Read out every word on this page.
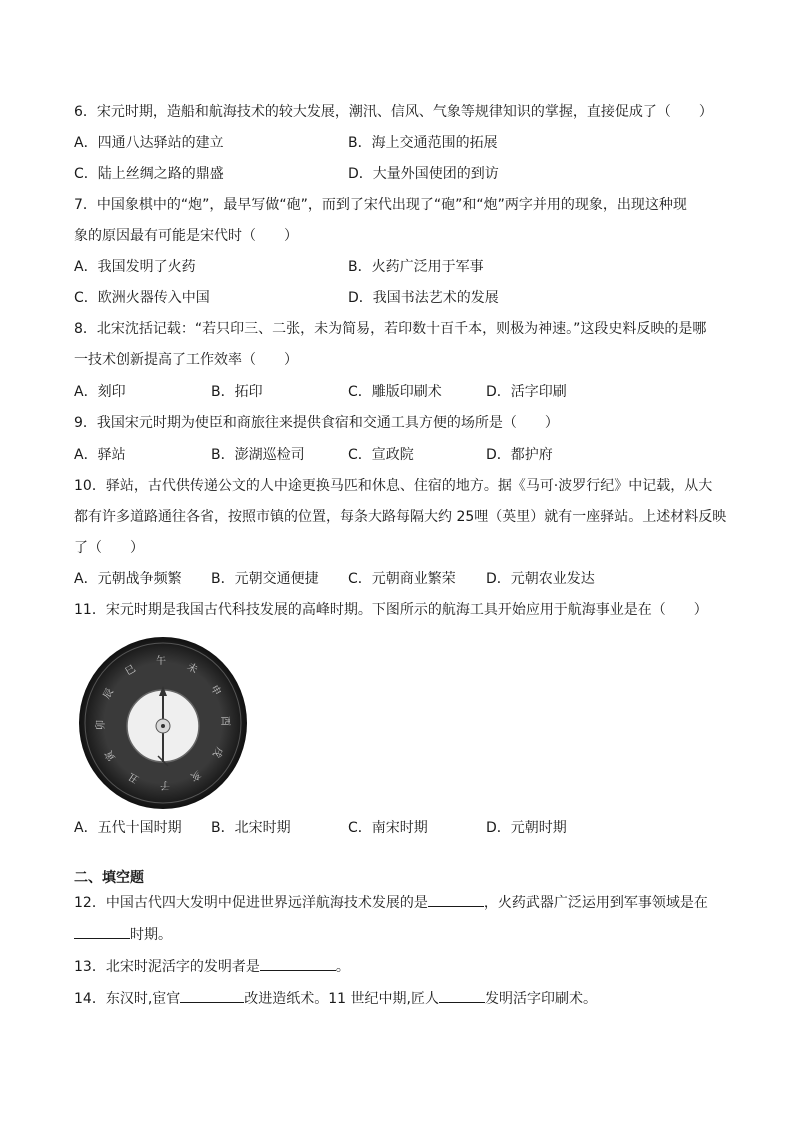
6．宋元时期，造船和航海技术的较大发展，潮汛、信风、气象等规律知识的掌握，直接促成了（　　）
A．四通八达驿站的建立	B．海上交通范围的拓展
C．陆上丝绸之路的鼎盛	D．大量外国使团的到访
7．中国象棋中的“炮”，最早写做“砲”，而到了宋代出现了“砲”和“炮”两字并用的现象，出现这种现
象的原因最有可能是宋代时（　　）
A．我国发明了火药	B．火药广泛用于军事
C．欧洲火器传入中国	D．我国书法艺术的发展
8．北宋沈括记载：“若只印三、二张，未为简易，若印数十百千本，则极为神速。”这段史料反映的是哪
一技术创新提高了工作效率（　　）
A．刻印	B．拓印	C．雕版印刷术	D．活字印刷
9．我国宋元时期为使臣和商旅往来提供食宿和交通工具方便的场所是（　　）
A．驿站	B．澎湖巡检司	C．宣政院	D．都护府
10．驿站，古代供传递公文的人中途更换马匹和休息、住宿的地方。据《马可·波罗行纪》中记载，从大
都有许多道路通往各省，按照市镇的位置，每条大路每隔大约 25哩（英里）就有一座驿站。上述材料反映
了（　　）
A．元朝战争频繁 B．元朝交通便捷 C．元朝商业繁荣 D．元朝农业发达
11．宋元时期是我国古代科技发展的高峰时期。下图所示的航海工具开始应用于航海事业是在（　　）
午 未
申
酉
戌
亥
子
丑
寅
卯
辰
巳
A．五代十国时期 B．北宋时期	C．南宋时期	D．元朝时期
二、填空题
12．中国古代四大发明中促进世界远洋航海技术发展的是	，火药武器广泛运用到军事领域是在
时期。
13．北宋时泥活字的发明者是	。
14．东汉时,宦官	改进造纸术。11 世纪中期,匠人	发明活字印刷术。
